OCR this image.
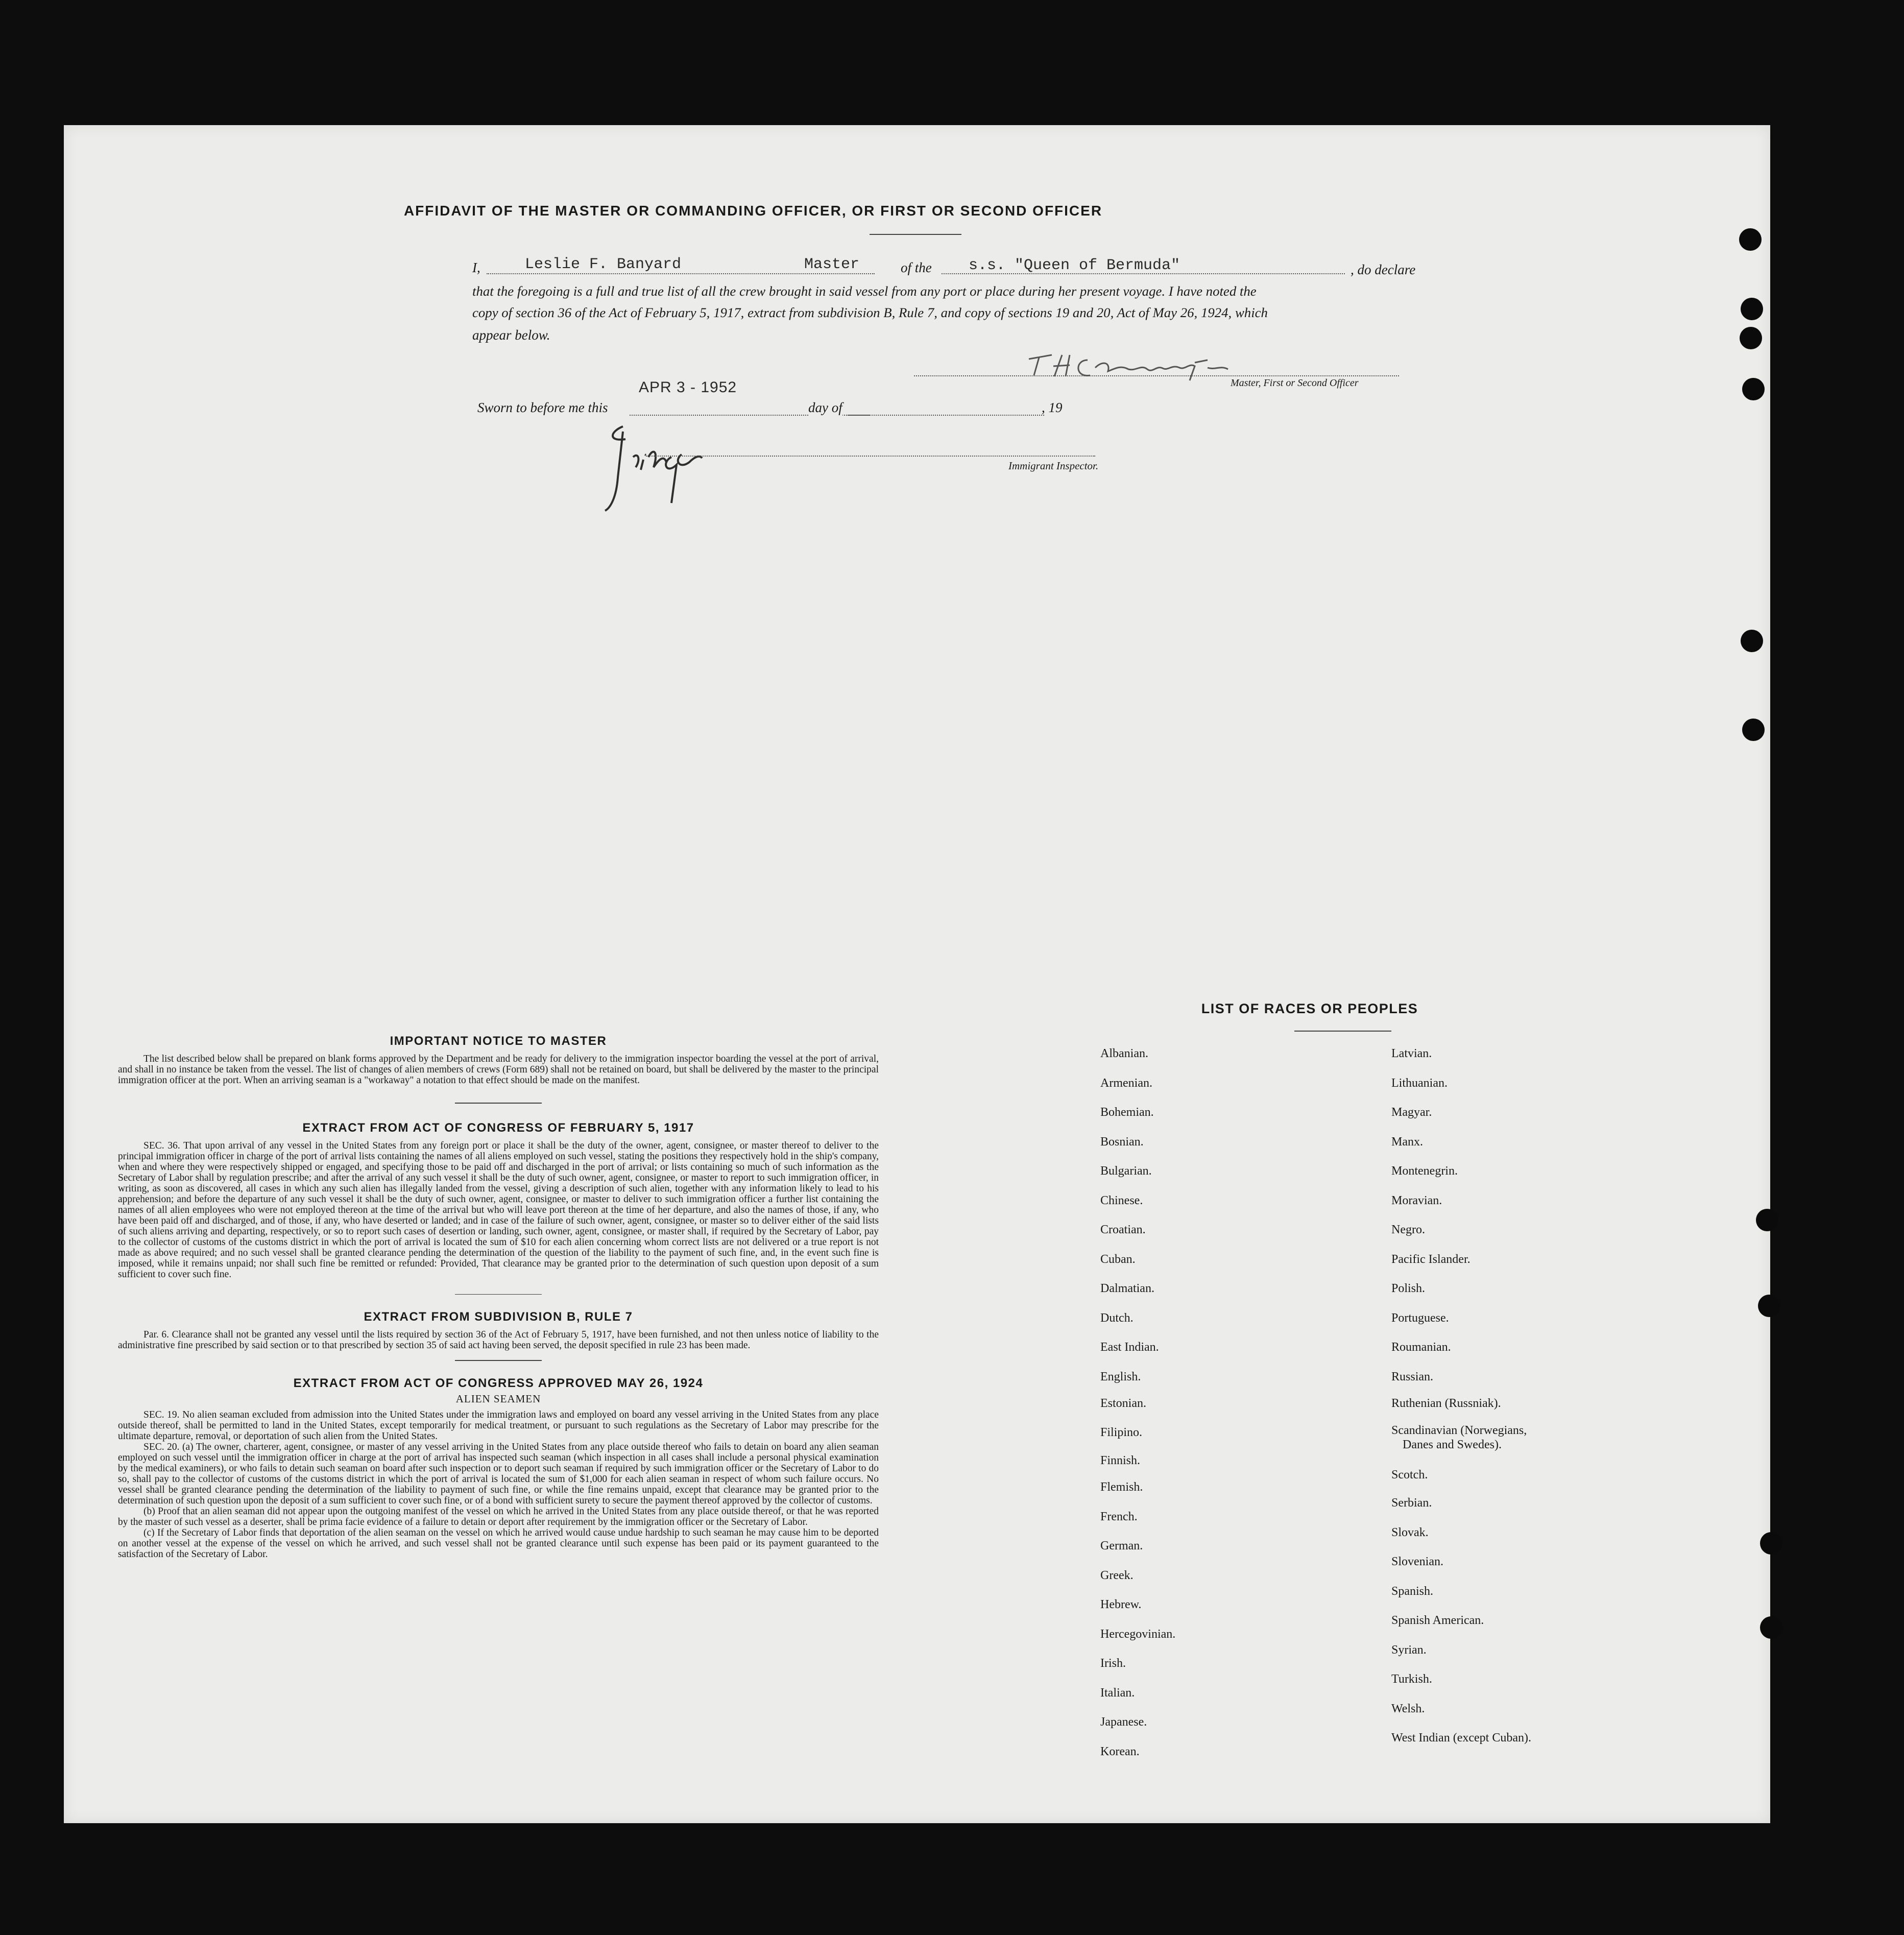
AFFIDAVIT OF THE MASTER OR COMMANDING OFFICER, OR FIRST OR SECOND OFFICER
I,	Leslie F. Banyard	Master	of the s.s. "Queen of Bermuda"	, do declare
that the foregoing is a full and true list of all the crew brought in said vessel from any port or place during her present voyage. I have noted the
copy of section 36 of the Act of February 5, 1917, extract from subdivision B, Rule 7, and copy of sections 19 and 20, Act of May 26, 1924, which
appear below.
Master, First or Second Officer
APR 3 - 1952
Sworn to before me this	day of	, 19
Immigrant Inspector.
IMPORTANT NOTICE TO MASTER
The list described below shall be prepared on blank forms approved by the Department and be ready for delivery to the immigration inspector boarding the vessel at the port of arrival, and shall in no instance be taken from the vessel. The list of changes of alien members of crews (Form 689) shall not be retained on board, but shall be delivered by the master to the principal immigration officer at the port. When an arriving seaman is a "workaway" a notation to that effect should be made on the manifest.
EXTRACT FROM ACT OF CONGRESS OF FEBRUARY 5, 1917
SEC. 36. That upon arrival of any vessel in the United States from any foreign port or place it shall be the duty of the owner, agent, consignee, or master thereof to deliver to the principal immigration officer in charge of the port of arrival lists containing the names of all aliens employed on such vessel, stating the positions they respectively hold in the ship's company, when and where they were respectively shipped or engaged, and specifying those to be paid off and discharged in the port of arrival; or lists containing so much of such information as the Secretary of Labor shall by regulation prescribe; and after the arrival of any such vessel it shall be the duty of such owner, agent, consignee, or master to report to such immigration officer, in writing, as soon as discovered, all cases in which any such alien has illegally landed from the vessel, giving a description of such alien, together with any information likely to lead to his apprehension; and before the departure of any such vessel it shall be the duty of such owner, agent, consignee, or master to deliver to such immigration officer a further list containing the names of all alien employees who were not employed thereon at the time of the arrival but who will leave port thereon at the time of her departure, and also the names of those, if any, who have been paid off and discharged, and of those, if any, who have deserted or landed; and in case of the failure of such owner, agent, consignee, or master so to deliver either of the said lists of such aliens arriving and departing, respectively, or so to report such cases of desertion or landing, such owner, agent, consignee, or master shall, if required by the Secretary of Labor, pay to the collector of customs of the customs district in which the port of arrival is located the sum of $10 for each alien concerning whom correct lists are not delivered or a true report is not made as above required; and no such vessel shall be granted clearance pending the determination of the question of the liability to the payment of such fine, and, in the event such fine is imposed, while it remains unpaid; nor shall such fine be remitted or refunded: Provided, That clearance may be granted prior to the determination of such question upon deposit of a sum sufficient to cover such fine.
EXTRACT FROM SUBDIVISION B, RULE 7
Par. 6. Clearance shall not be granted any vessel until the lists required by section 36 of the Act of February 5, 1917, have been furnished, and not then unless notice of liability to the administrative fine prescribed by said section or to that prescribed by section 35 of said act having been served, the deposit specified in rule 23 has been made.
EXTRACT FROM ACT OF CONGRESS APPROVED MAY 26, 1924
ALIEN SEAMEN
SEC. 19. No alien seaman excluded from admission into the United States under the immigration laws and employed on board any vessel arriving in the United States from any place outside thereof, shall be permitted to land in the United States, except temporarily for medical treatment, or pursuant to such regulations as the Secretary of Labor may prescribe for the ultimate departure, removal, or deportation of such alien from the United States.
SEC. 20. (a) The owner, charterer, agent, consignee, or master of any vessel arriving in the United States from any place outside thereof who fails to detain on board any alien seaman employed on such vessel until the immigration officer in charge at the port of arrival has inspected such seaman (which inspection in all cases shall include a personal physical examination by the medical examiners), or who fails to detain such seaman on board after such inspection or to deport such seaman if required by such immigration officer or the Secretary of Labor to do so, shall pay to the collector of customs of the customs district in which the port of arrival is located the sum of $1,000 for each alien seaman in respect of whom such failure occurs. No vessel shall be granted clearance pending the determination of the liability to payment of such fine, or while the fine remains unpaid, except that clearance may be granted prior to the determination of such question upon the deposit of a sum sufficient to cover such fine, or of a bond with sufficient surety to secure the payment thereof approved by the collector of customs.
(b) Proof that an alien seaman did not appear upon the outgoing manifest of the vessel on which he arrived in the United States from any place outside thereof, or that he was reported by the master of such vessel as a deserter, shall be prima facie evidence of a failure to detain or deport after requirement by the immigration officer or the Secretary of Labor.
(c) If the Secretary of Labor finds that deportation of the alien seaman on the vessel on which he arrived would cause undue hardship to such seaman he may cause him to be deported on another vessel at the expense of the vessel on which he arrived, and such vessel shall not be granted clearance until such expense has been paid or its payment guaranteed to the satisfaction of the Secretary of Labor.
LIST OF RACES OR PEOPLES
Albanian.
Armenian.
Bohemian.
Bosnian.
Bulgarian.
Chinese.
Croatian.
Cuban.
Dalmatian.
Dutch.
East Indian.
English.
Estonian.
Filipino.
Finnish.
Flemish.
French.
German.
Greek.
Hebrew.
Hercegovinian.
Irish.
Italian.
Japanese.
Korean.
Latvian.
Lithuanian.
Magyar.
Manx.
Montenegrin.
Moravian.
Negro.
Pacific Islander.
Polish.
Portuguese.
Roumanian.
Russian.
Ruthenian (Russniak).
Scandinavian (Norwegians,
Danes and Swedes).
Scotch.
Serbian.
Slovak.
Slovenian.
Spanish.
Spanish American.
Syrian.
Turkish.
Welsh.
West Indian (except Cuban).
